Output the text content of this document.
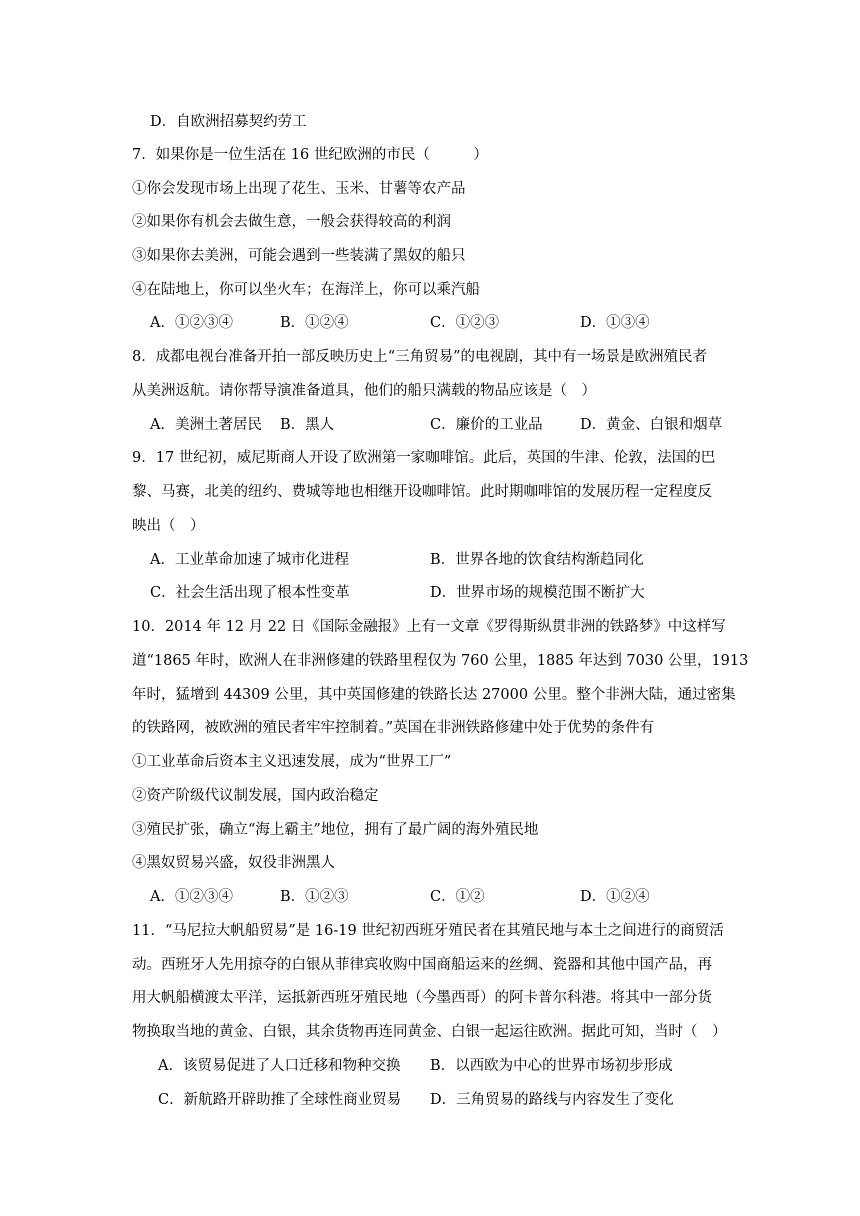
D．自欧洲招募契约劳工
7．如果你是一位生活在 16 世纪欧洲的市民（　　　）
①你会发现市场上出现了花生、玉米、甘薯等农产品
②如果你有机会去做生意，一般会获得较高的利润
③如果你去美洲，可能会遇到一些装满了黑奴的船只
④在陆地上，你可以坐火车；在海洋上，你可以乘汽船
A．①②③④	B．①②④	C．①②③	D．①③④
8．成都电视台准备开拍一部反映历史上“三角贸易”的电视剧，其中有一场景是欧洲殖民者
从美洲返航。请你帮导演准备道具，他们的船只满载的物品应该是（　）
A．美洲土著居民 B．黑人	C．廉价的工业品	D．黄金、白银和烟草
9．17 世纪初，威尼斯商人开设了欧洲第一家咖啡馆。此后，英国的牛津、伦敦，法国的巴
黎、马赛，北美的纽约、费城等地也相继开设咖啡馆。此时期咖啡馆的发展历程一定程度反
映出（　）
A．工业革命加速了城市化进程	B．世界各地的饮食结构渐趋同化
C．社会生活出现了根本性变革	D．世界市场的规模范围不断扩大
10．2014 年 12 月 22 日《国际金融报》上有一文章《罗得斯纵贯非洲的铁路梦》中这样写
道“1865 年时，欧洲人在非洲修建的铁路里程仅为 760 公里，1885 年达到 7030 公里，1913
年时，猛增到 44309 公里，其中英国修建的铁路长达 27000 公里。整个非洲大陆，通过密集
的铁路网，被欧洲的殖民者牢牢控制着。”英国在非洲铁路修建中处于优势的条件有
①工业革命后资本主义迅速发展，成为“世界工厂”
②资产阶级代议制发展，国内政治稳定
③殖民扩张，确立“海上霸主”地位，拥有了最广阔的海外殖民地
④黑奴贸易兴盛，奴役非洲黑人
A．①②③④	B．①②③	C．①②	D．①②④
11．“马尼拉大帆船贸易”是 16-19 世纪初西班牙殖民者在其殖民地与本土之间进行的商贸活
动。西班牙人先用掠夺的白银从菲律宾收购中国商船运来的丝绸、瓷器和其他中国产品，再
用大帆船横渡太平洋，运抵新西班牙殖民地（今墨西哥）的阿卡普尔科港。将其中一部分货
物换取当地的黄金、白银，其余货物再连同黄金、白银一起运往欧洲。据此可知，当时（　）
A．该贸易促进了人口迁移和物种交换 B．以西欧为中心的世界市场初步形成
C．新航路开辟助推了全球性商业贸易 D．三角贸易的路线与内容发生了变化
